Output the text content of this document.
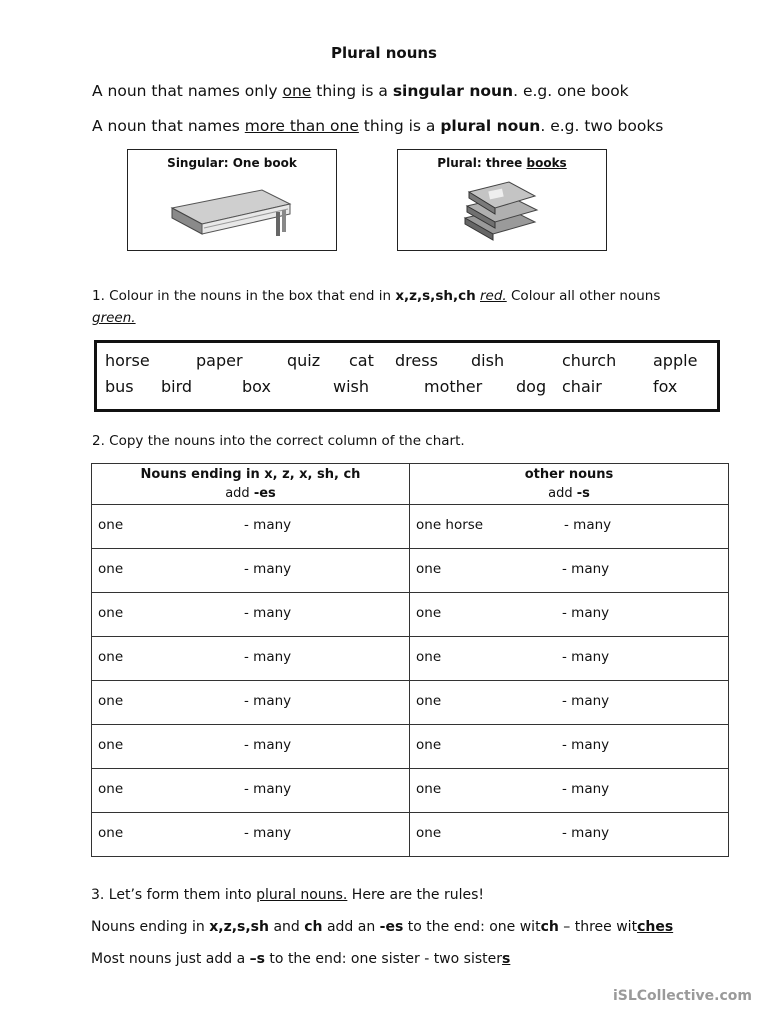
Plural nouns
A noun that names only one thing is a singular noun. e.g. one book
A noun that names more than one thing is a plural noun. e.g. two books
Singular: One book	Plural: three books
1. Colour in the nouns in the box that end in x,z,s,sh,ch red. Colour all other nouns
green.
horse	paper	quiz cat dress dish	church apple
bus bird	box	wish	mother dog chair	fox
2. Copy the nouns into the correct column of the chart.
Nouns ending in x, z, x, sh, ch
add -es	other nouns
add -s

one - many	one horse - many

one - many	one - many

one - many	one - many

one - many	one - many

one - many	one - many

one - many	one - many

one - many	one - many

one - many	one - many
3. Let’s form them into plural nouns. Here are the rules!
Nouns ending in x,z,s,sh and ch add an -es to the end: one witch – three witches
Most nouns just add a –s to the end: one sister - two sisters
iSLCollective.com
